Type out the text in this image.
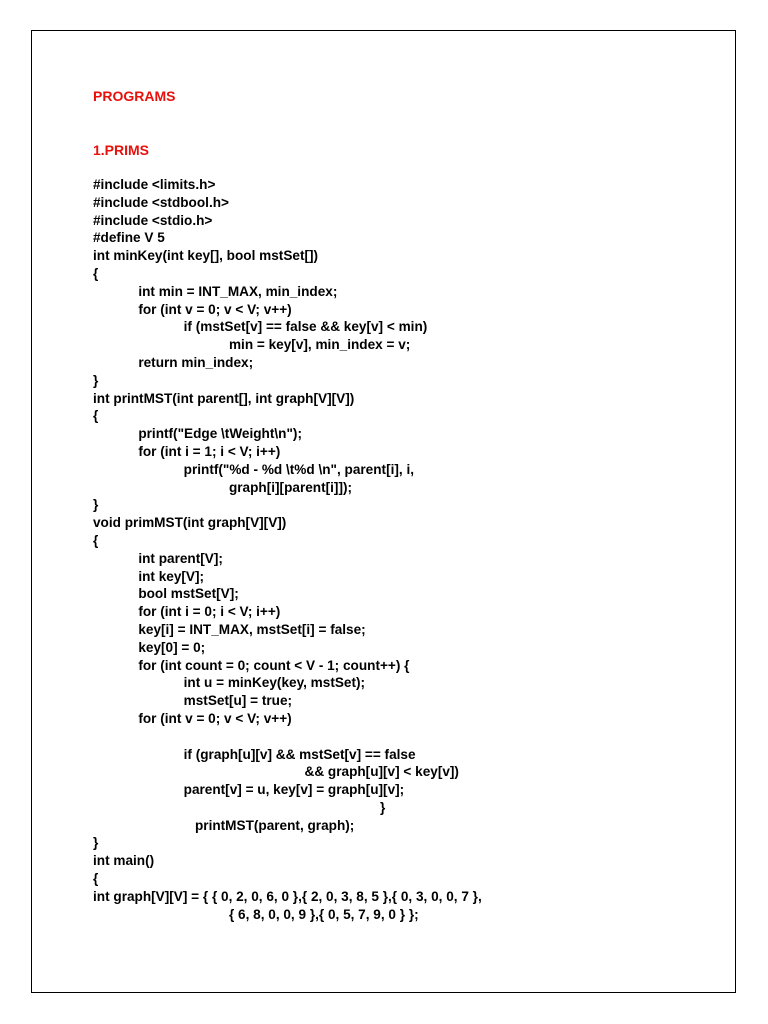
PROGRAMS
1.PRIMS
#include <limits.h>
#include <stdbool.h>
#include <stdio.h>
#define V 5
int minKey(int key[], bool mstSet[])
{
int min = INT_MAX, min_index;
for (int v = 0; v < V; v++)
if (mstSet[v] == false && key[v] < min)
min = key[v], min_index = v;
return min_index;
}
int printMST(int parent[], int graph[V][V])
{
printf("Edge \tWeight\n");
for (int i = 1; i < V; i++)
printf("%d - %d \t%d \n", parent[i], i,
graph[i][parent[i]]);
}
void primMST(int graph[V][V])
{
int parent[V];
int key[V];
bool mstSet[V];
for (int i = 0; i < V; i++)
key[i] = INT_MAX, mstSet[i] = false;
key[0] = 0;
for (int count = 0; count < V - 1; count++) {
int u = minKey(key, mstSet);
mstSet[u] = true;
for (int v = 0; v < V; v++)
if (graph[u][v] && mstSet[v] == false
&& graph[u][v] < key[v])
parent[v] = u, key[v] = graph[u][v];
}
printMST(parent, graph);
}
int main()
{
int graph[V][V] = { { 0, 2, 0, 6, 0 },{ 2, 0, 3, 8, 5 },{ 0, 3, 0, 0, 7 },
{ 6, 8, 0, 0, 9 },{ 0, 5, 7, 9, 0 } };
